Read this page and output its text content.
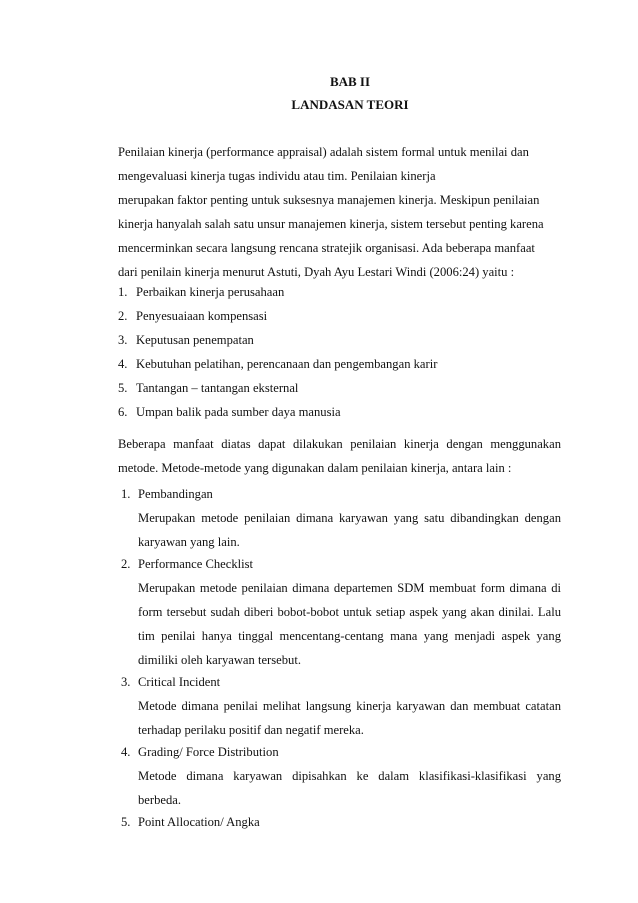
BAB II

LANDASAN TEORI

Penilaian kinerja (performance appraisal) adalah sistem formal untuk menilai dan

mengevaluasi kinerja tugas individu atau tim. Penilaian kinerja

merupakan faktor penting untuk suksesnya manajemen kinerja. Meskipun penilaian

kinerja hanyalah salah satu unsur manajemen kinerja, sistem tersebut penting karena

mencerminkan secara langsung rencana stratejik organisasi. Ada beberapa manfaat

dari penilain kinerja menurut Astuti, Dyah Ayu Lestari Windi (2006:24) yaitu :

1. Perbaikan kinerja perusahaan

2. Penyesuaiaan kompensasi

3. Keputusan penempatan

4. Kebutuhan pelatihan, perencanaan dan pengembangan karir

5. Tantangan – tantangan eksternal

6. Umpan balik pada sumber daya manusia

Beberapa manfaat diatas dapat dilakukan penilaian kinerja dengan menggunakan

metode. Metode-metode yang digunakan dalam penilaian kinerja, antara lain :

1. Pembandingan

Merupakan metode penilaian dimana karyawan yang satu dibandingkan dengan

karyawan yang lain.

2. Performance Checklist

Merupakan metode penilaian dimana departemen SDM membuat form dimana di

form tersebut sudah diberi bobot-bobot untuk setiap aspek yang akan dinilai. Lalu

tim penilai hanya tinggal mencentang-centang mana yang menjadi aspek yang

dimiliki oleh karyawan tersebut.

3. Critical Incident

Metode dimana penilai melihat langsung kinerja karyawan dan membuat catatan

terhadap perilaku positif dan negatif mereka.

4. Grading/ Force Distribution

Metode dimana karyawan dipisahkan ke dalam klasifikasi-klasifikasi yang

berbeda.

5. Point Allocation/ Angka
